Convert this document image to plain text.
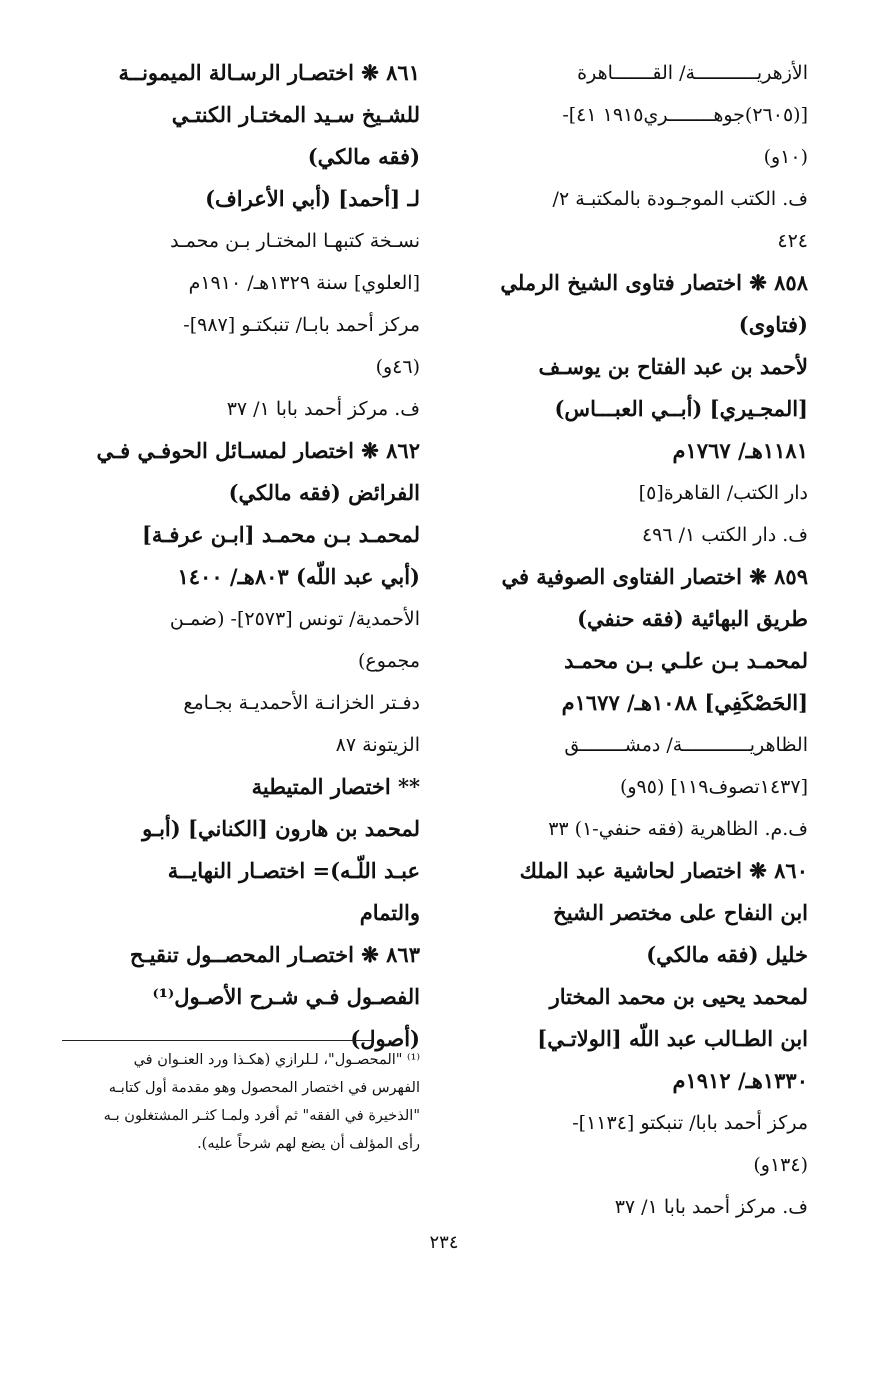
الأزهريـــــــــــة/ القـــــــاهرة
[(٢٦٠٥)جوهــــــــري١٩١٥ ٤١]-
(١٠و)
ف. الكتب الموجـودة بالمكتبـة ٢/
٤٢٤
٨٥٨ ❋ اختصار فتاوى الشيخ الرملي
(فتاوى)
لأحمد بن عبد الفتاح بن يوسـف
[المجـيري] (أبــي العبـــاس)
١١٨١هـ/ ١٧٦٧م
دار الكتب/ القاهرة[٥]
ف. دار الكتب ١/ ٤٩٦
٨٥٩ ❋ اختصار الفتاوى الصوفية في
طريق البهائية (فقه حنفي)
لمحمـد بـن علـي بـن محمـد
[الحَصْكَفِي] ١٠٨٨هـ/ ١٦٧٧م
الظاهريــــــــــــة/ دمشــــــــق
[١٤٣٧تصوف١١٩] (٩٥و)
ف.م. الظاهرية (فقه حنفي-١) ٣٣
٨٦٠ ❋ اختصار لحاشية عبد الملك
ابن النفاح على مختصر الشيخ
خليل (فقه مالكي)
لمحمد يحيى بن محمد المختار
ابن الطـالب عبد اللّه [الولاتـي]
١٣٣٠هـ/ ١٩١٢م
مركز أحمد بابا/ تنبكتو [١١٣٤]-
(١٣٤و)
ف. مركز أحمد بابا ١/ ٣٧
٨٦١ ❋ اختصـار الرسـالة الميمونــة
للشـيخ سـيد المختـار الكنتـي
(فقه مالكي)
لـ [أحمد] (أبي الأعراف)
نسـخة كتبهـا المختـار بـن محمـد
[العلوي] سنة ١٣٢٩هـ/ ١٩١٠م
مركز أحمد بابـا/ تنبكتـو [٩٨٧]-
(٤٦و)
ف. مركز أحمد بابا ١/ ٣٧
٨٦٢ ❋ اختصار لمسـائل الحوفـي فـي
الفرائض (فقه مالكي)
لمحمـد بـن محمـد [ابـن عرفـة]
(أبي عبد اللّه) ٨٠٣هـ/ ١٤٠٠
الأحمدية/ تونس [٢٥٧٣]- (ضمـن
مجموع)
دفـتر الخزانـة الأحمديـة بجـامع
الزيتونة ٨٧
** اختصار المتيطية
لمحمد بن هارون [الكناني] (أبـو
عبـد اللّـه)= اختصـار النهايــة
والتمام
٨٦٣ ❋ اختصـار المحصــول تنقيـح
الفصـول فـي شـرح الأصـول⁽¹⁾
(أصول)
⁽¹⁾ "المحصـول"، لـلرازي (هكـذا ورد العنـوان في
الفهرس في اختصار المحصول وهو مقدمة أول كتابـه
"الذخيرة في الفقه" ثم أفرد ولمـا كثـر المشتغلون بـه
رأى المؤلف أن يضع لهم شرحاً عليه).
٢٣٤
